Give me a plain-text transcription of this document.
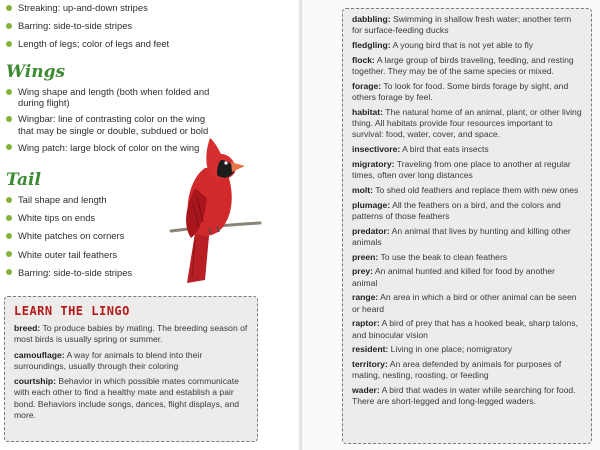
Streaking: up-and-down stripes
Barring: side-to-side stripes
Length of legs; color of legs and feet
Wings
Wing shape and length (both when folded and during flight)
Wingbar: line of contrasting color on the wing that may be single or double, subdued or bold
Wing patch: large block of color on the wing
Tail
Tail shape and length
White tips on ends
White patches on corners
White outer tail feathers
Barring: side-to-side stripes
LEARN THE LINGO
breed: To produce babies by mating. The breeding season of most birds is usually spring or summer.
camouflage: A way for animals to blend into their surroundings, usually through their coloring
courtship: Behavior in which possible mates communicate with each other to find a healthy mate and establish a pair bond. Behaviors include songs, dances, flight displays, and more.
dabbling: Swimming in shallow fresh water; another term for surface-feeding ducks
fledgling: A young bird that is not yet able to fly
flock: A large group of birds traveling, feeding, and resting together. They may be of the same species or mixed.
forage: To look for food. Some birds forage by sight, and others forage by feel.
habitat: The natural home of an animal, plant, or other living thing. All habitats provide four resources important to survival: food, water, cover, and space.
insectivore: A bird that eats insects
migratory: Traveling from one place to another at regular times, often over long distances
molt: To shed old feathers and replace them with new ones
plumage: All the feathers on a bird, and the colors and patterns of those feathers
predator: An animal that lives by hunting and killing other animals
preen: To use the beak to clean feathers
prey: An animal hunted and killed for food by another animal
range: An area in which a bird or other animal can be seen or heard
raptor: A bird of prey that has a hooked beak, sharp talons, and binocular vision
resident: Living in one place; nomigratory
territory: An area defended by animals for purposes of mating, nesting, roosting, or feeding
wader: A bird that wades in water while searching for food. There are short-legged and long-legged waders.
